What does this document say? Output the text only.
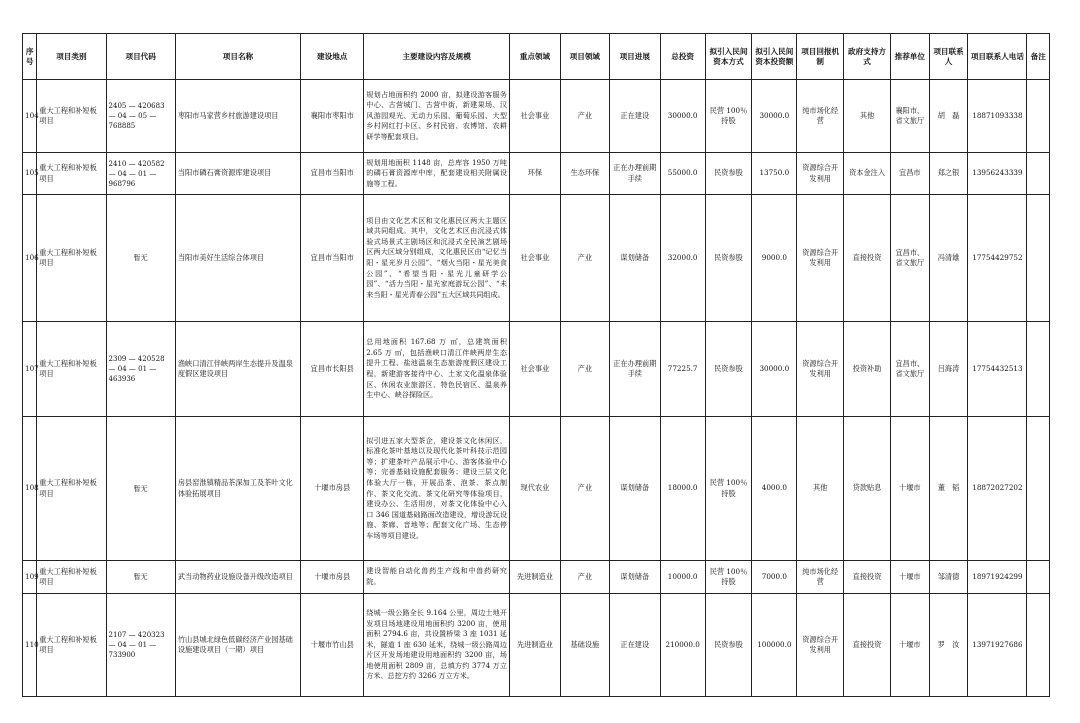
序号	项目类别	项目代码	项目名称	建设地点	主要建设内容及规模	重点领域	项目领域	项目进展	总投资	拟引入民间资本方式	拟引入民间资本投资额	项目回报机制	政府支持方式	推荐单位	项目联系人	项目联系人电话	备注
104	重大工程和补短板项目	2405 — 420683 — 04 — 05 — 768885	枣阳市马家营乡村旅游建设项目	襄阳市枣阳市	规划占地面积约 2000 亩，拟建设游客服务中心、古营城门、古营中街，新建果场、汉风游园观光、无动力乐园、葡萄乐园、大型乡村网红打卡区、乡村民宿、农博馆、农耕研学等配套项目。	社会事业	产业	正在建设	30000.0	民营 100％ 持股	30000.0	纯市场化经营	其他	襄阳市、省文旅厅	胡　磊	18871093338	
105	重大工程和补短板项目	2410 — 420582 — 04 — 01 — 968796	当阳市磷石膏资源库建设项目	宜昌市当阳市	规划用地面积 1148 亩，总库容 1950 万吨的磷石膏资源库中库，配套建设相关附属设施等工程。	环保	生态环保	正在办理前期手续	55000.0	民资参股	13750.0	资源综合开发利用	资本金注入	宜昌市	郑之银	13956243339	
106	重大工程和补短板项目	暂无	当阳市美好生活综合体项目	宜昌市当阳市	项目由文化艺术区和文化惠民区两大主题区域共同组成。其中，文化艺术区由沉浸式体验式场景式主剧场区和沉浸式全民演艺剧场区两大区域分别组成，文化惠民区由“记忆当阳・星光岁月公园”、“烟火当阳・星光美食公园”、“希望当阳・星光儿童研学公园”、“活力当阳・星光家庭游玩公园”、“未来当阳・星光青春公园”五大区域共同组成。	社会事业	产业	谋划储备	32000.0	民资参股	9000.0	资源综合开发利用	直接投资	宜昌市、省文旅厅	冯清雄	17754429752	
107	重大工程和补短板项目	2309 — 420528 — 04 — 01 — 463936	渔峡口清江伴峡两岸生态提升及温泉度假区建设项目	宜昌市长阳县	总用地面积 167.68 万 ㎡，总建筑面积 2.65 万 ㎡，包括渔峡口清江伴峡两岸生态提升工程、盐池温泉生态旅游度假区建设工程，新建游客接待中心、土家文化温泉体验区、休闲农业旅游区、特色民宿区、温泉养生中心、峡谷探险区。	社会事业	产业	正在办理前期手续	77225.7	民资参股	30000.0	资源综合开发利用	投资补助	宜昌市、省文旅厅	吕海涛	17754432513	
108	重大工程和补短板项目	暂无	房县窑淮镇精品茶深加工及茶叶文化体验拓展项目	十堰市房县	拟引进五家大型茶企，建设茶文化休闲区，标准化茶叶基地以及现代化茶叶科技示范园等；扩建茶叶产品展示中心、游客体验中心等；完善基础设施配套服务；建设三层文化体验大厅一栋，开展品茶、泡茶、茶点制作、茶文化交流、茶文化研究等体验项目，建设办公、生活用房，对茶文化体验中心入口 346 国道基础路面改造建设，增设游玩设施、茶廊、音地等；配套文化广场、生态停车场等项目建设。	现代农业	产业	谋划储备	18000.0	民营 100％ 持股	4000.0	其他	贷款贴息	十堰市	董　韬	18872027202	
109	重大工程和补短板项目	暂无	武当动物药业设施设备升级改造项目	十堰市房县	建设智能自动化兽药生产线和中兽药研究院。	先进制造业	产业	谋划储备	10000.0	民营 100％ 持股	7000.0	纯市场化经营	直接投资	十堰市	邹清德	18971924299	
110	重大工程和补短板项目	2107 — 420323 — 04 — 01 — 733900	竹山县城北绿色低碳经济产业园基础设施建设项目（一期）项目	十堰市竹山县	绕城一级公路全长 9.164 公里，周边土地开发项目场地建设用地面积约 3200 亩，使用面积 2794.6 亩，共设置桥梁 3 座 1031 延米，隧道 1 座 630 延米，绕城一级公路周边片区开发场地建设用地面积约 3200 亩，场地使用面积 2809 亩，总填方约 3774 万立方米、总挖方约 3266 万立方米。	先进制造业	基础设施	正在建设	210000.0	民资参股	100000.0	资源综合开发利用	直接投资	十堰市	罗　汝	13971927686	
